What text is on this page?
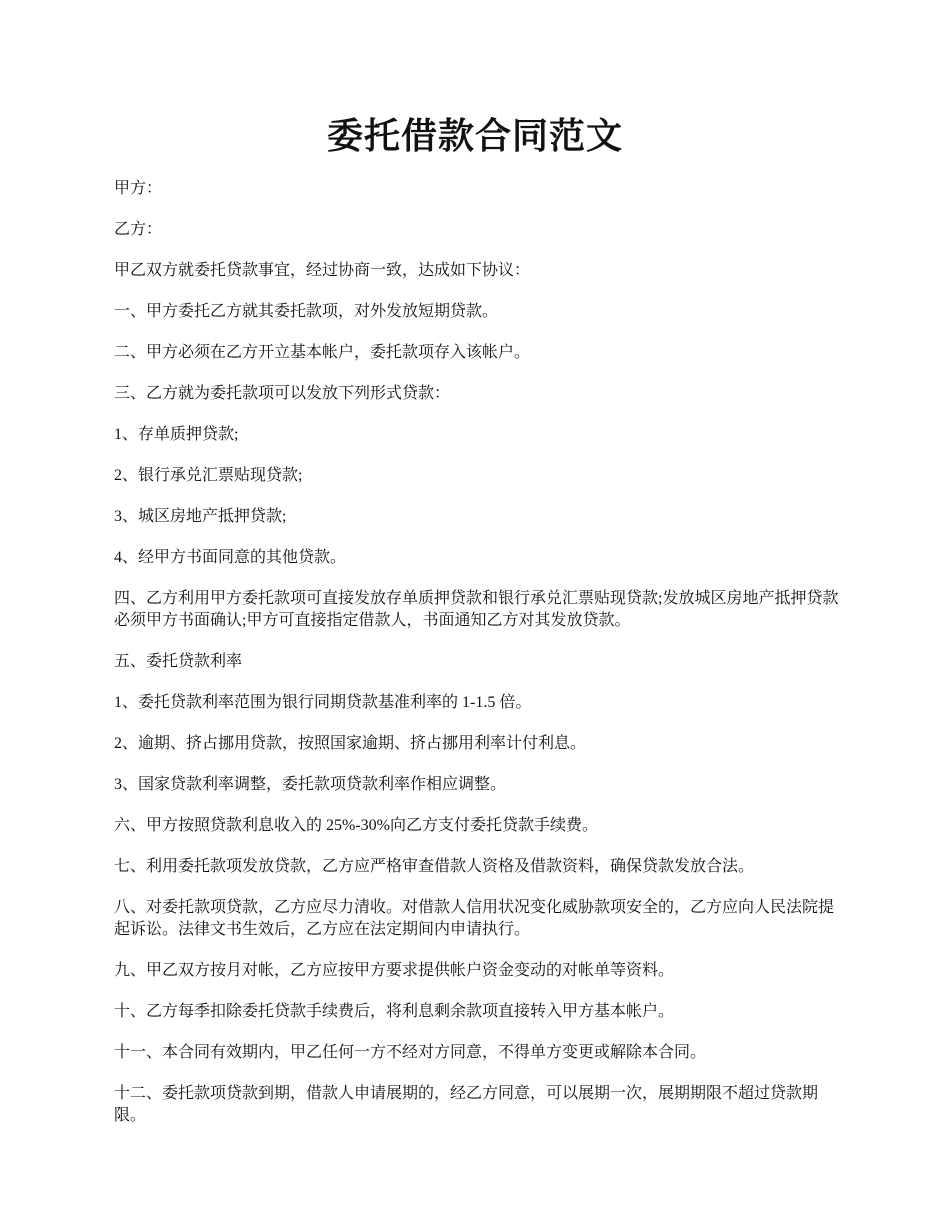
委托借款合同范文

甲方：

乙方：

甲乙双方就委托贷款事宜，经过协商一致，达成如下协议：

一、甲方委托乙方就其委托款项，对外发放短期贷款。

二、甲方必须在乙方开立基本帐户，委托款项存入该帐户。

三、乙方就为委托款项可以发放下列形式贷款：

1、存单质押贷款;

2、银行承兑汇票贴现贷款;

3、城区房地产抵押贷款;

4、经甲方书面同意的其他贷款。

四、乙方利用甲方委托款项可直接发放存单质押贷款和银行承兑汇票贴现贷款;发放城区房地产抵押贷款必须甲方书面确认;甲方可直接指定借款人，书面通知乙方对其发放贷款。

五、委托贷款利率

1、委托贷款利率范围为银行同期贷款基准利率的 1-1.5 倍。

2、逾期、挤占挪用贷款，按照国家逾期、挤占挪用利率计付利息。

3、国家贷款利率调整，委托款项贷款利率作相应调整。

六、甲方按照贷款利息收入的 25%-30%向乙方支付委托贷款手续费。

七、利用委托款项发放贷款，乙方应严格审查借款人资格及借款资料，确保贷款发放合法。

八、对委托款项贷款，乙方应尽力清收。对借款人信用状况变化威胁款项安全的，乙方应向人民法院提起诉讼。法律文书生效后，乙方应在法定期间内申请执行。

九、甲乙双方按月对帐，乙方应按甲方要求提供帐户资金变动的对帐单等资料。

十、乙方每季扣除委托贷款手续费后，将利息剩余款项直接转入甲方基本帐户。

十一、本合同有效期内，甲乙任何一方不经对方同意，不得单方变更或解除本合同。

十二、委托款项贷款到期，借款人申请展期的，经乙方同意，可以展期一次，展期期限不超过贷款期限。
